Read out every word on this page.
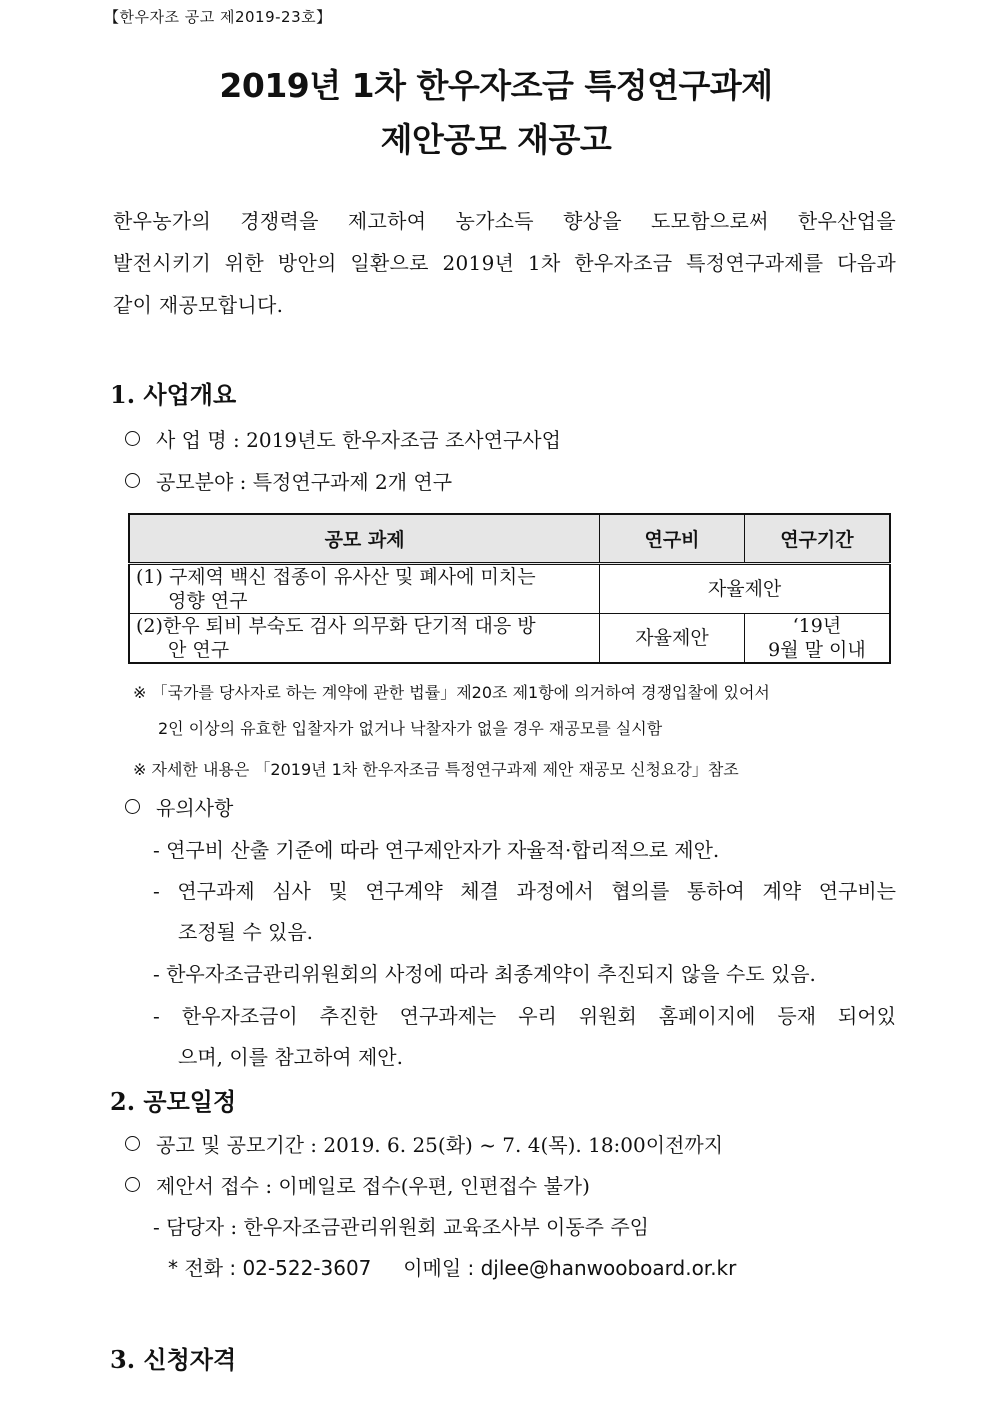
【한우자조 공고 제2019-23호】
2019년 1차 한우자조금 특정연구과제
제안공모 재공고
한우농가의 경쟁력을 제고하여 농가소득 향상을 도모함으로써 한우산업을
발전시키기 위한 방안의 일환으로 2019년 1차 한우자조금 특정연구과제를 다음과
같이 재공모합니다.
1. 사업개요
사 업 명 : 2019년도 한우자조금 조사연구사업
공모분야 : 특정연구과제 2개 연구
공모 과제	연구비	연구기간

(1) 구제역 백신 접종이 유사산 및 폐사에 미치는
영향 연구	자율제안	

(2)한우 퇴비 부숙도 검사 의무화 단기적 대응 방
안 연구	자율제안	‘19년
9월 말 이내
※ 「국가를 당사자로 하는 계약에 관한 법률」제20조 제1항에 의거하여 경쟁입찰에 있어서
2인 이상의 유효한 입찰자가 없거나 낙찰자가 없을 경우 재공모를 실시함
※ 자세한 내용은 「2019년 1차 한우자조금 특정연구과제 제안 재공모 신청요강」참조
유의사항
- 연구비 산출 기준에 따라 연구제안자가 자율적·합리적으로 제안.
- 연구과제 심사 및 연구계약 체결 과정에서 협의를 통하여 계약 연구비는
조정될 수 있음.
- 한우자조금관리위원회의 사정에 따라 최종계약이 추진되지 않을 수도 있음.
- 한우자조금이 추진한 연구과제는 우리 위원회 홈페이지에 등재 되어있
으며, 이를 참고하여 제안.
2. 공모일정
공고 및 공모기간 : 2019. 6. 25(화) ~ 7. 4(목). 18:00이전까지
제안서 접수 : 이메일로 접수(우편, 인편접수 불가)
- 담당자 : 한우자조금관리위원회 교육조사부 이동주 주임
* 전화 : 02-522-3607     이메일 : djlee@hanwooboard.or.kr
3. 신청자격
